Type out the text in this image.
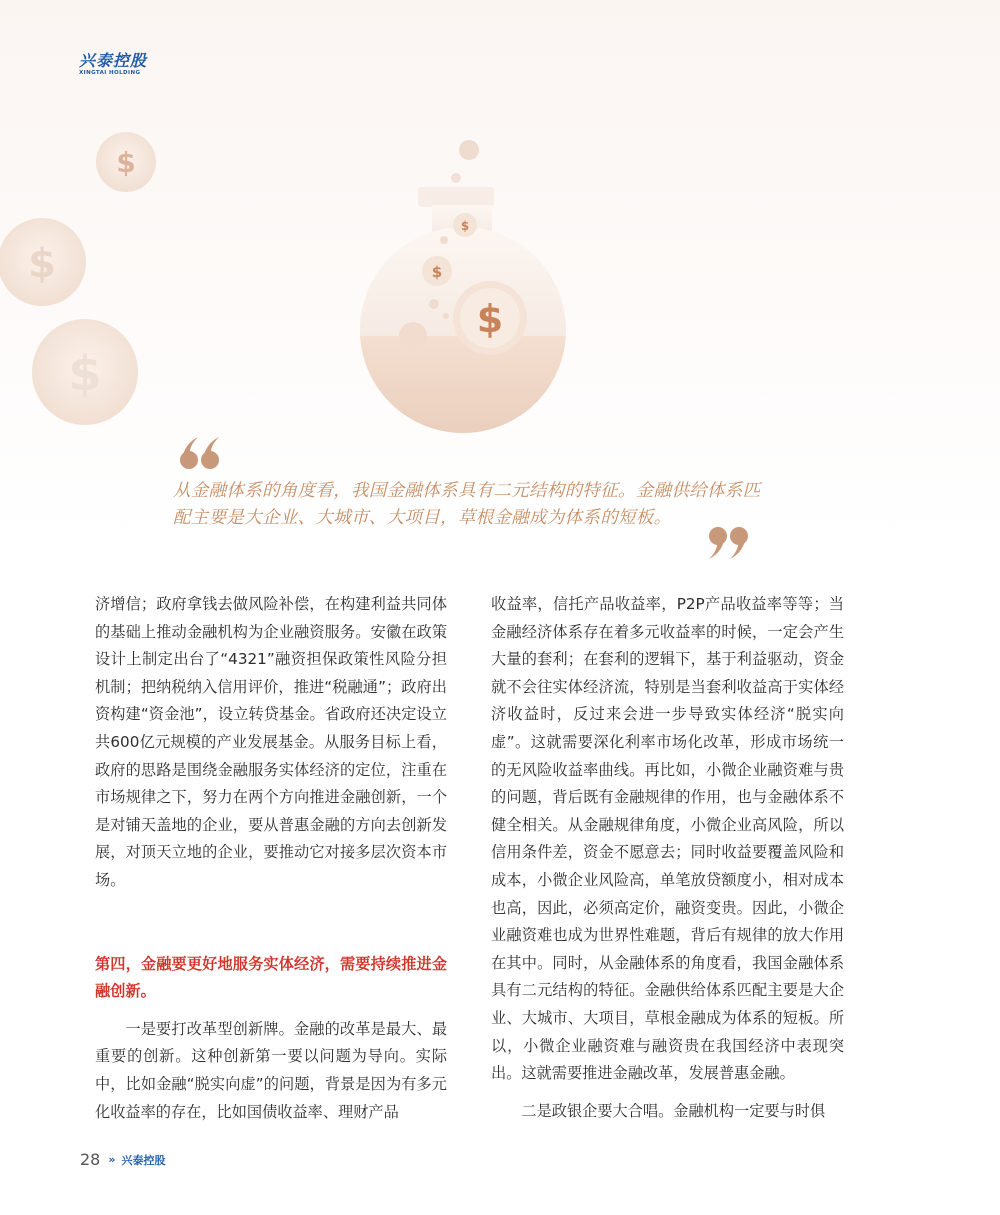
兴泰控股
XINGTAI HOLDING
$
$
$
$
$
$
从金融体系的角度看，我国金融体系具有二元结构的特征。金融供给体系匹配主要是大企业、大城市、大项目，草根金融成为体系的短板。

济增信；政府拿钱去做风险补偿，在构建利益共同体的基础上推动金融机构为企业融资服务。安徽在政策设计上制定出台了“4321”融资担保政策性风险分担机制；把纳税纳入信用评价，推进“税融通”；政府出资构建“资金池”，设立转贷基金。省政府还决定设立共600亿元规模的产业发展基金。从服务目标上看，政府的思路是围绕金融服务实体经济的定位，注重在市场规律之下，努力在两个方向推进金融创新，一个是对铺天盖地的企业，要从普惠金融的方向去创新发展，对顶天立地的企业，要推动它对接多层次资本市场。

第四，金融要更好地服务实体经济，需要持续推进金融创新。

一是要打改革型创新牌。金融的改革是最大、最重要的创新。这种创新第一要以问题为导向。实际中，比如金融“脱实向虚”的问题，背景是因为有多元化收益率的存在，比如国债收益率、理财产品

收益率，信托产品收益率，P2P产品收益率等等；当金融经济体系存在着多元收益率的时候，一定会产生大量的套利；在套利的逻辑下，基于利益驱动，资金就不会往实体经济流，特别是当套利收益高于实体经济收益时，反过来会进一步导致实体经济“脱实向虚”。这就需要深化利率市场化改革，形成市场统一的无风险收益率曲线。再比如，小微企业融资难与贵的问题，背后既有金融规律的作用，也与金融体系不健全相关。从金融规律角度，小微企业高风险，所以信用条件差，资金不愿意去；同时收益要覆盖风险和成本，小微企业风险高，单笔放贷额度小，相对成本也高，因此，必须高定价，融资变贵。因此，小微企业融资难也成为世界性难题，背后有规律的放大作用在其中。同时，从金融体系的角度看，我国金融体系具有二元结构的特征。金融供给体系匹配主要是大企业、大城市、大项目，草根金融成为体系的短板。所以，小微企业融资难与融资贵在我国经济中表现突出。这就需要推进金融改革，发展普惠金融。

二是政银企要大合唱。金融机构一定要与时俱

28 » 兴泰控股
